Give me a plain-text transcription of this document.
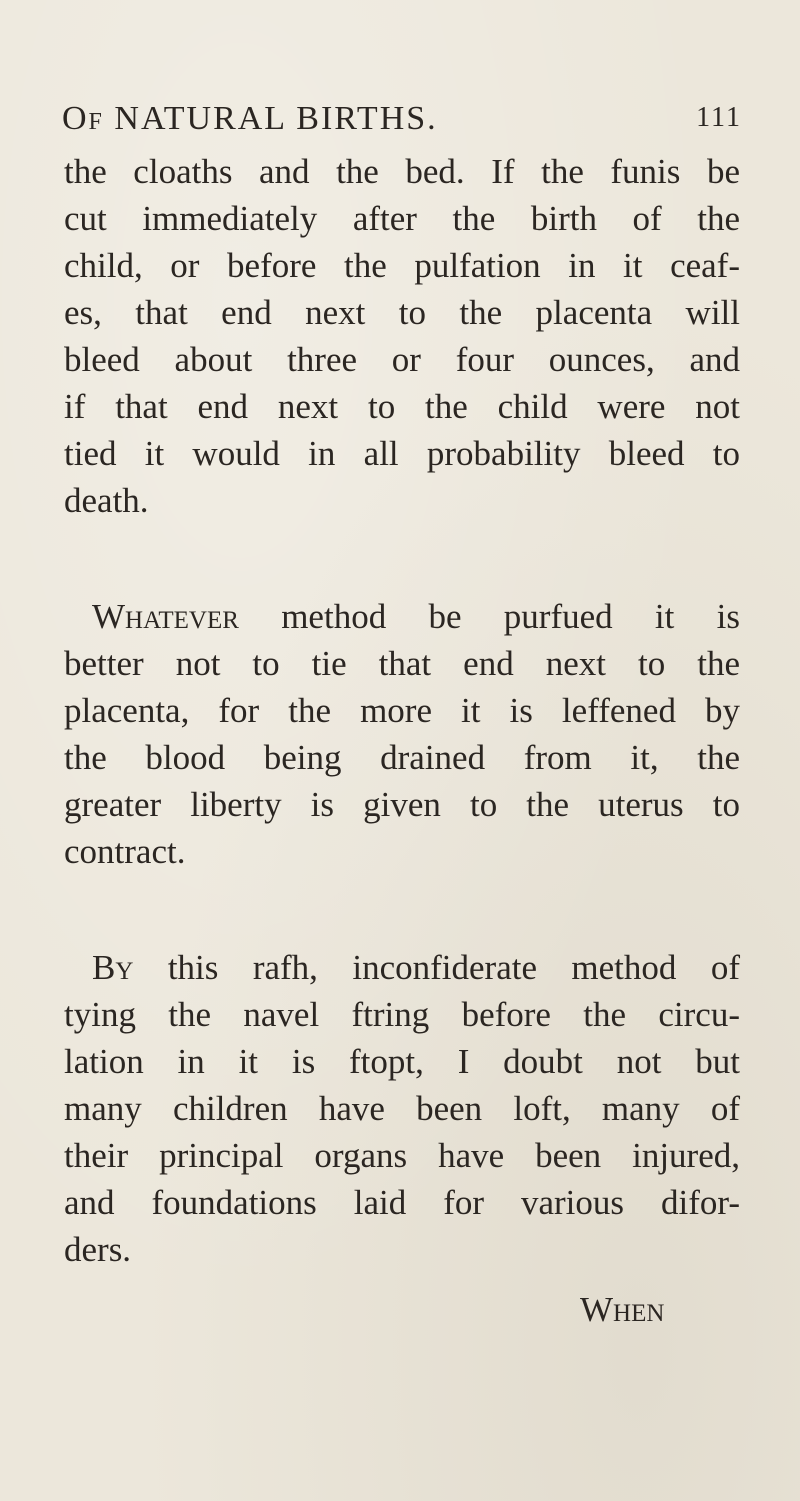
Of NATURAL BIRTHS.	111
the cloaths and the bed. If the funis be
cut immediately after the birth of the
child, or before the pulfation in it ceaf-
es, that end next to the placenta will
bleed about three or four ounces, and
if that end next to the child were not
tied it would in all probability bleed to
death.
Whatever method be purfued it is
better not to tie that end next to the
placenta, for the more it is leffened by
the blood being drained from it, the
greater liberty is given to the uterus to
contract.
By this rafh, inconfiderate method of
tying the navel ftring before the circu-
lation in it is ftopt, I doubt not but
many children have been loft, many of
their principal organs have been injured,
and foundations laid for various difor-
ders.
When
